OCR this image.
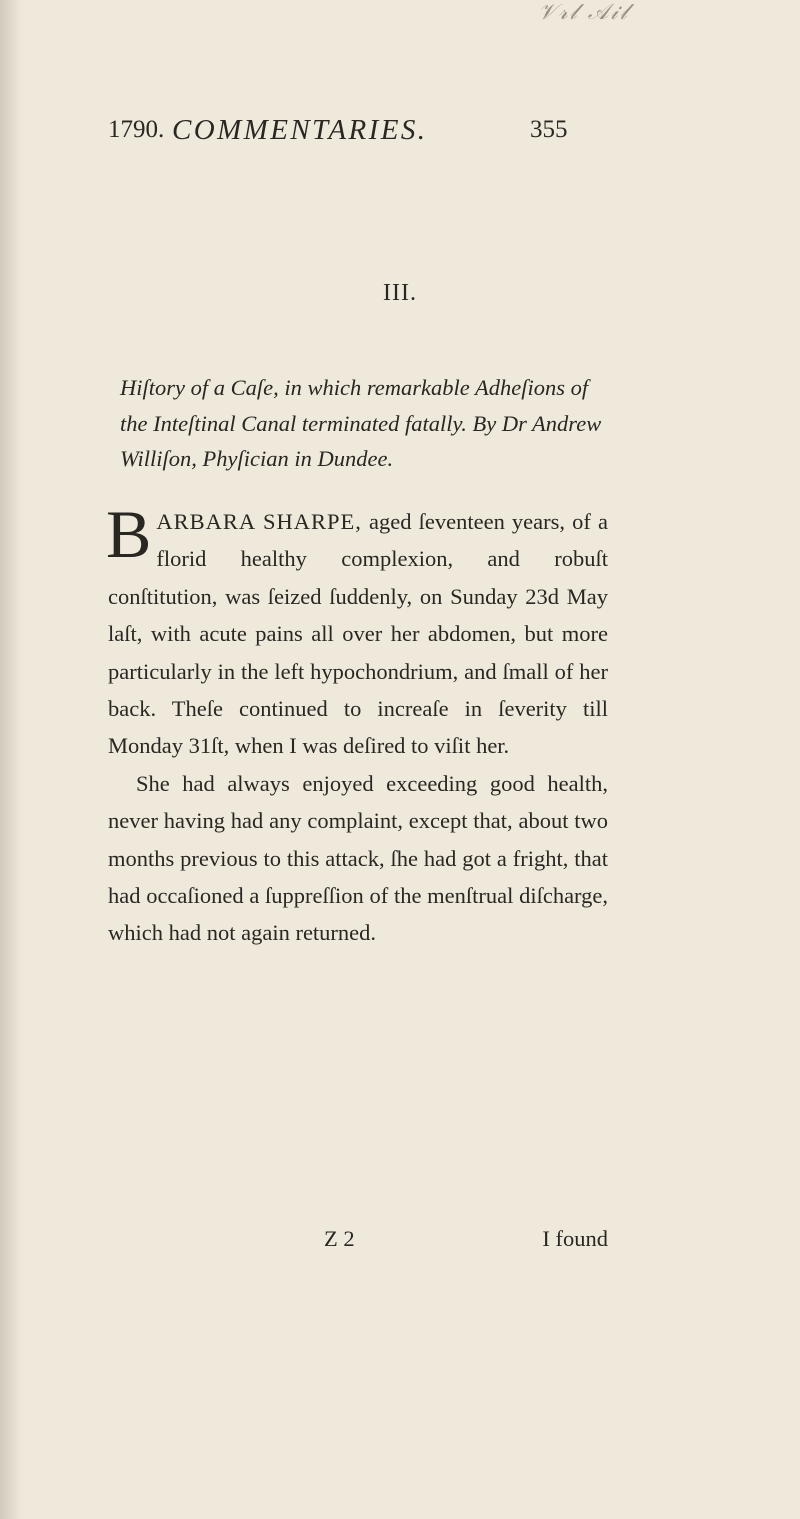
𝒱𝓇𝓁 𝒜𝒾𝓁
1790. COMMENTARIES.	355
III.
Hiſtory of a Caſe, in which remarkable Adheſions of the Inteſtinal Canal terminated fatally. By Dr Andrew Williſon, Phyſician in Dundee.

BARBARA SHARPE, aged ſeventeen years, of a florid healthy complexion, and robuſt conſtitution, was ſeized ſuddenly, on Sunday 23d May laſt, with acute pains all over her abdomen, but more particularly in the left hypochondrium, and ſmall of her back. Theſe continued to increaſe in ſeverity till Monday 31ſt, when I was deſired to viſit her.

She had always enjoyed exceeding good health, never having had any complaint, except that, about two months previous to this attack, ſhe had got a fright, that had occaſioned a ſuppreſſion of the menſtrual diſcharge, which had not again returned.

Z 2	I found
